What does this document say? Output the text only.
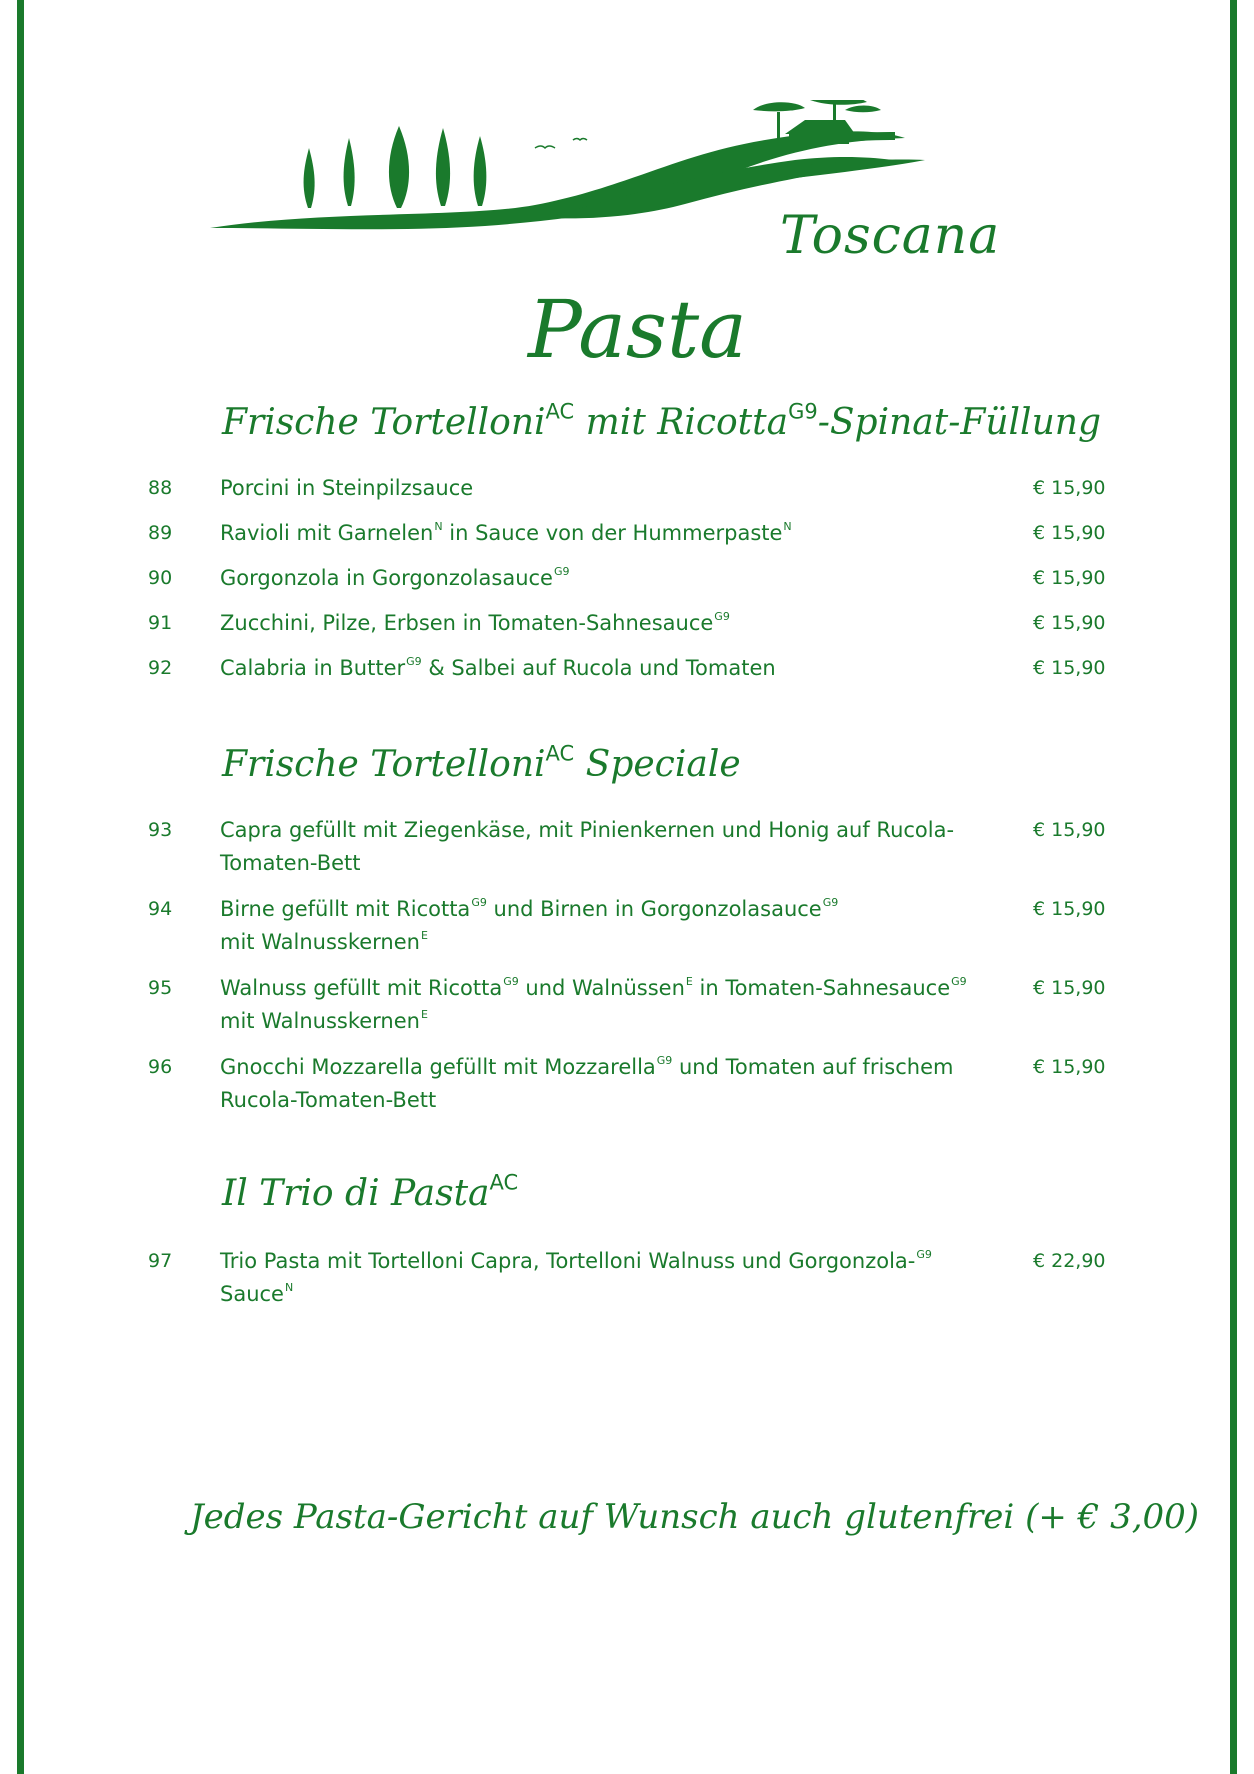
Toscana
Pasta
Frische Tortelloni$^{AC}$ mit Ricotta$^{G9}$-Spinat-Füllung
88	Porcini in Steinpilzsauce	€ 15,90
89	Ravioli mit Garnelen$^N$ in Sauce von der Hummerpaste$^N$	€ 15,90
90	Gorgonzola in Gorgonzolasauce$^{G9}$	€ 15,90
91	Zucchini, Pilze, Erbsen in Tomaten-Sahnesauce$^{G9}$	€ 15,90
92	Calabria in Butter$^{G9}$ & Salbei auf Rucola und Tomaten	€ 15,90
Frische Tortelloni$^{AC}$ Speciale
93	Capra gefüllt mit Ziegenkäse, mit Pinienkernen und Honig auf Rucola-
Tomaten-Bett
€ 15,90
94	Birne gefüllt mit Ricotta$^{G9}$ und Birnen in Gorgonzolasauce$^{G9}$
mit Walnusskernen$^E$
€ 15,90
95	Walnuss gefüllt mit Ricotta$^{G9}$ und Walnüssen$^E$ in Tomaten-Sahnesauce$^{G9}$
mit Walnusskernen$^E$
€ 15,90
96	Gnocchi Mozzarella gefüllt mit Mozzarella$^{G9}$ und Tomaten auf frischem
Rucola-Tomaten-Bett
€ 15,90
Il Trio di Pasta$^{AC}$
97	Trio Pasta mit Tortelloni Capra, Tortelloni Walnuss und Gorgonzola-$^{G9}$
Sauce$^N$
€ 22,90
Jedes Pasta-Gericht auf Wunsch auch glutenfrei (+ € 3,00)
